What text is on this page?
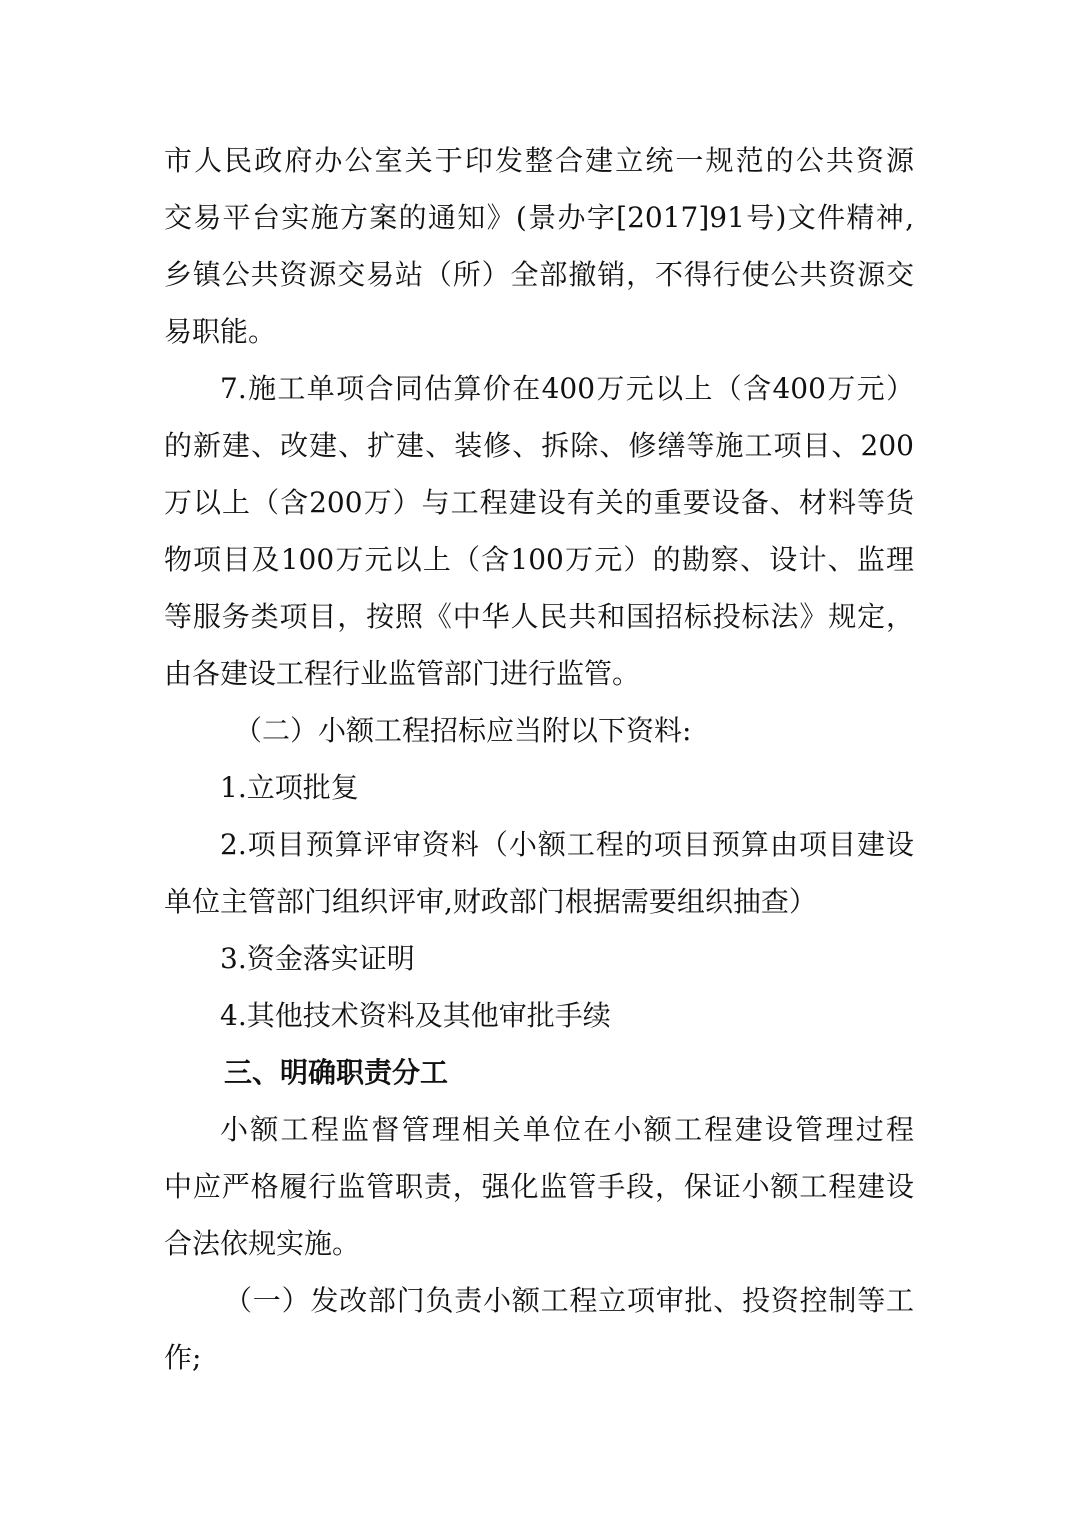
市人民政府办公室关于印发整合建立统一规范的公共资源
交易平台实施方案的通知》(景办字[2017]91号)文件精神,
乡镇公共资源交易站（所）全部撤销，不得行使公共资源交
易职能。
7.施工单项合同估算价在400万元以上（含400万元）
的新建、改建、扩建、装修、拆除、修缮等施工项目、200
万以上（含200万）与工程建设有关的重要设备、材料等货
物项目及100万元以上（含100万元）的勘察、设计、监理
等服务类项目，按照《中华人民共和国招标投标法》规定，
由各建设工程行业监管部门进行监管。
（二）小额工程招标应当附以下资料:
1.立项批复
2.项目预算评审资料（小额工程的项目预算由项目建设
单位主管部门组织评审,财政部门根据需要组织抽查）
3.资金落实证明
4.其他技术资料及其他审批手续
三、明确职责分工
小额工程监督管理相关单位在小额工程建设管理过程
中应严格履行监管职责，强化监管手段，保证小额工程建设
合法依规实施。
（一）发改部门负责小额工程立项审批、投资控制等工
作;
